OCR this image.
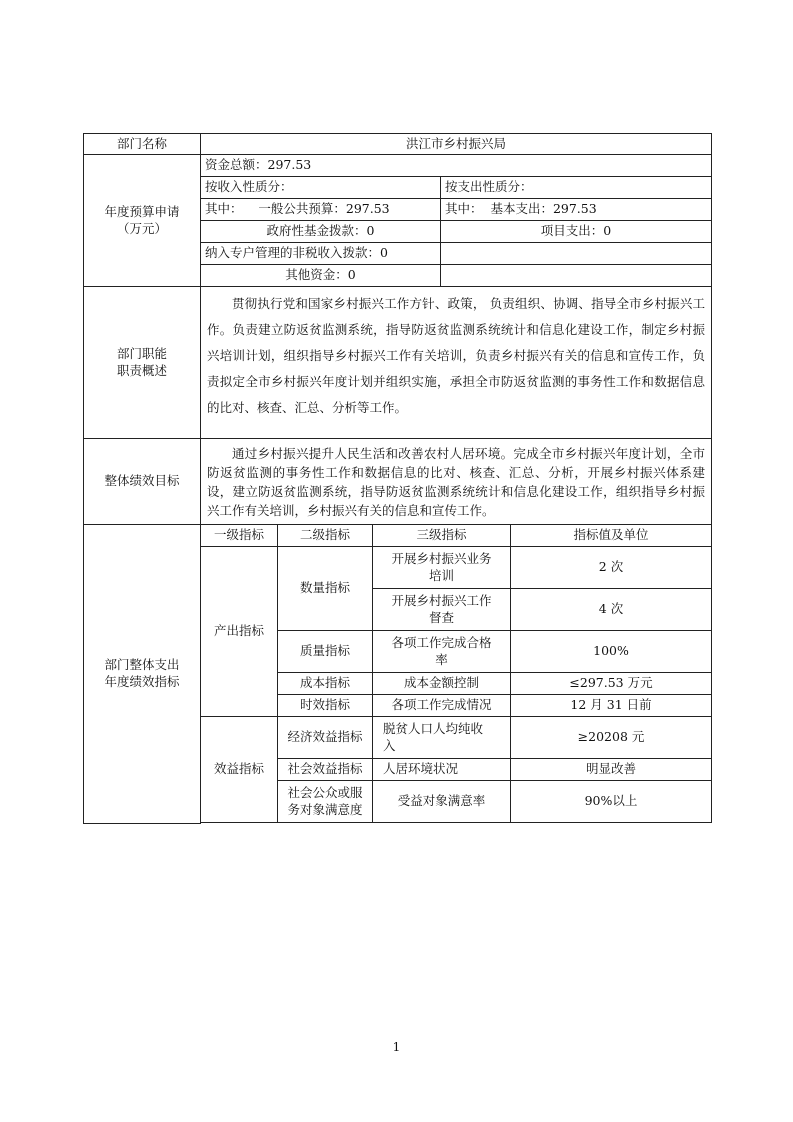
部门名称	洪江市乡村振兴局				

年度预算申请
（万元）	资金总额：297.53				
	按收入性质分：			按支出性质分：	
	其中：    一般公共预算：297.53			其中：  基本支出：297.53	
	政府性基金拨款：0			项目支出：0	
	纳入专户管理的非税收入拨款：0				
	其他资金：0				

部门职能
职责概述	贯彻执行党和国家乡村振兴工作方针、政策， 负责组织、协调、指导全市乡村振兴工作。负责建立防返贫监测系统，指导防返贫监测系统统计和信息化建设工作，制定乡村振兴培训计划，组织指导乡村振兴工作有关培训，负责乡村振兴有关的信息和宣传工作，负责拟定全市乡村振兴年度计划并组织实施，承担全市防返贫监测的事务性工作和数据信息的比对、核查、汇总、分析等工作。				
整体绩效目标	通过乡村振兴提升人民生活和改善农村人居环境。完成全市乡村振兴年度计划，全市防返贫监测的事务性工作和数据信息的比对、核查、汇总、分析，开展乡村振兴体系建设，建立防返贫监测系统，指导防返贫监测系统统计和信息化建设工作，组织指导乡村振兴工作有关培训，乡村振兴有关的信息和宣传工作。				

部门整体支出
年度绩效指标	一级指标	二级指标	三级指标		指标值及单位
	产出指标	数量指标	开展乡村振兴业务培训		2 次
			开展乡村振兴工作督查		4 次
		质量指标	各项工作完成合格率		100%
		成本指标	成本金额控制		≤297.53 万元
		时效指标	各项工作完成情况		12 月 31 日前
	效益指标	经济效益指标	脱贫人口人均纯收入		≥20208 元
		社会效益指标	人居环境状况		明显改善
		社会公众或服务对象满意度	受益对象满意率		90%以上

1
